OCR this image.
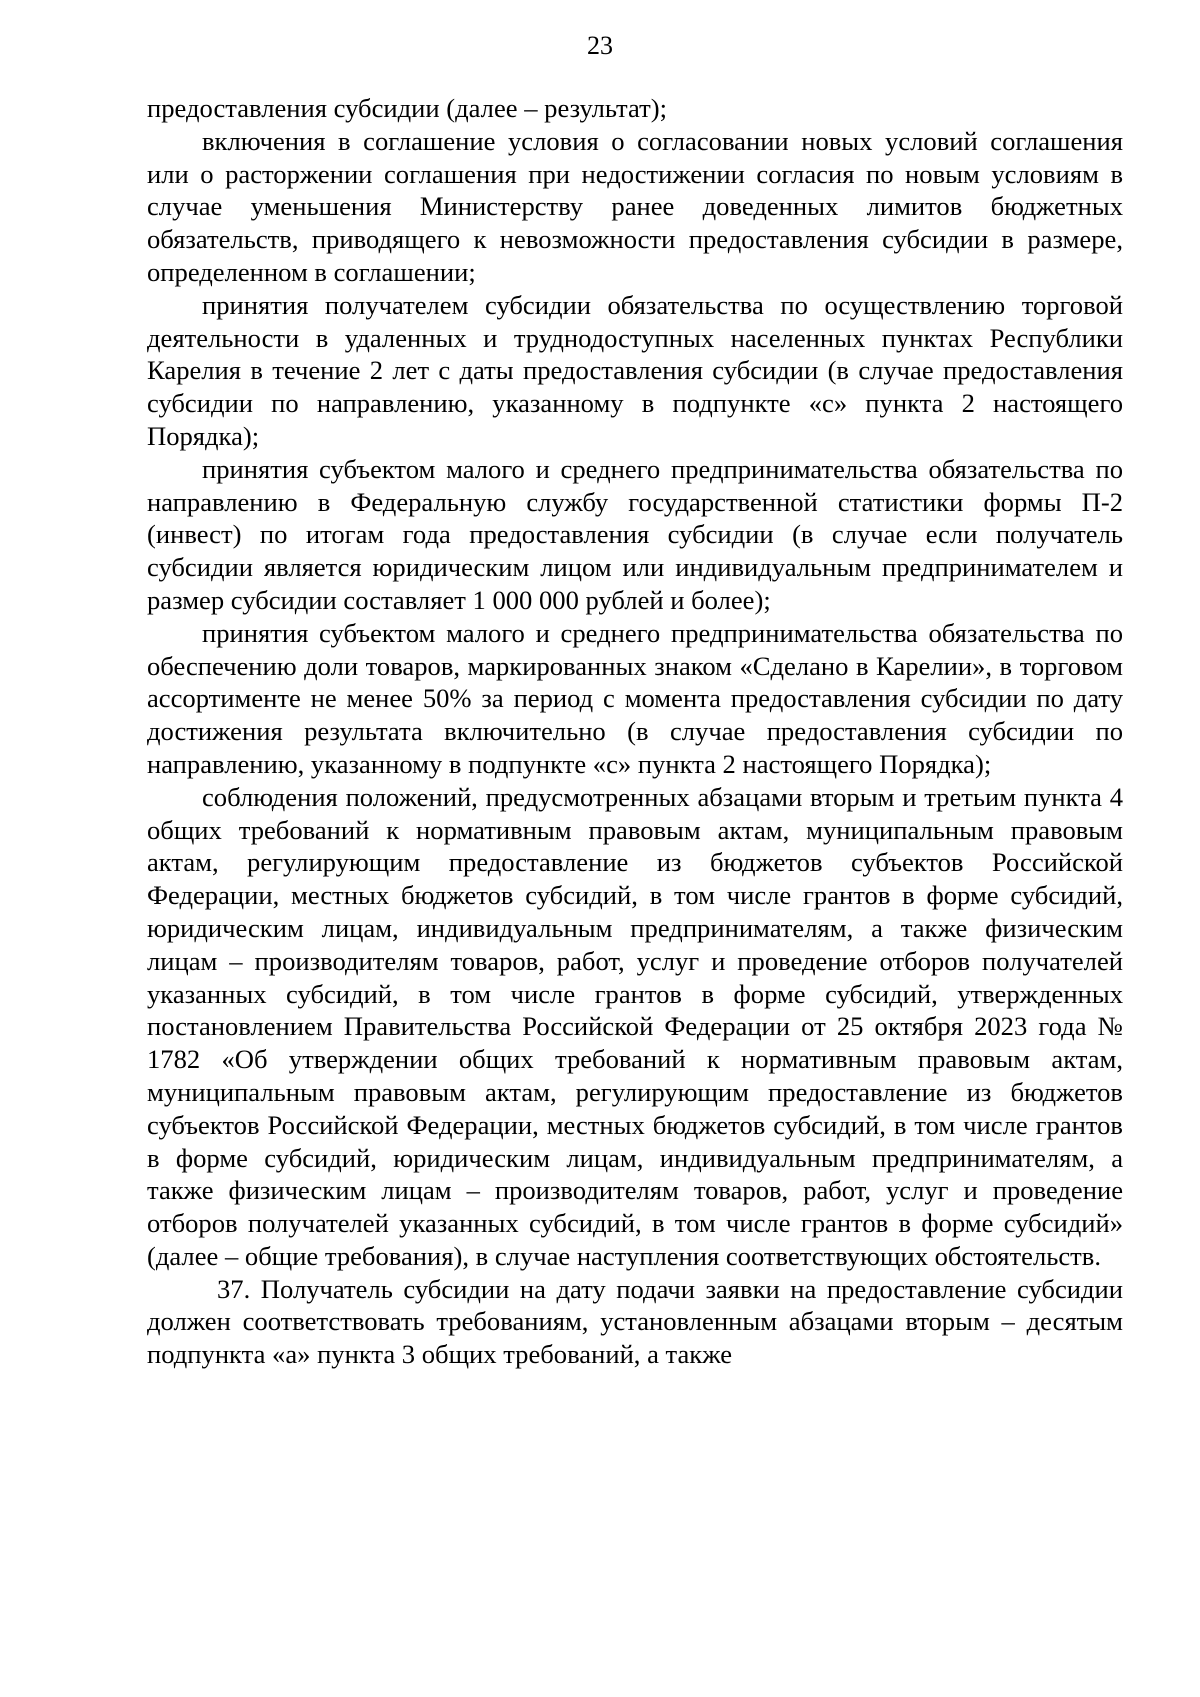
23

предоставления субсидии (далее – результат);

включения в соглашение условия о согласовании новых условий соглашения или о расторжении соглашения при недостижении согласия по новым условиям в случае уменьшения Министерству ранее доведенных лимитов бюджетных обязательств, приводящего к невозможности предоставления субсидии в размере, определенном в соглашении;

принятия получателем субсидии обязательства по осуществлению торговой деятельности в удаленных и труднодоступных населенных пунктах Республики Карелия в течение 2 лет с даты предоставления субсидии (в случае предоставления субсидии по направлению, указанному в подпункте «с» пункта 2 настоящего Порядка);

принятия субъектом малого и среднего предпринимательства обязательства по направлению в Федеральную службу государственной статистики формы П-2 (инвест) по итогам года предоставления субсидии (в случае если получатель субсидии является юридическим лицом или индивидуальным предпринимателем и размер субсидии составляет 1 000 000 рублей и более);

принятия субъектом малого и среднего предпринимательства обязательства по обеспечению доли товаров, маркированных знаком «Сделано в Карелии», в торговом ассортименте не менее 50% за период с момента предоставления субсидии по дату достижения результата включительно (в случае предоставления субсидии по направлению, указанному в подпункте «с» пункта 2 настоящего Порядка);

соблюдения положений, предусмотренных абзацами вторым и третьим пункта 4 общих требований к нормативным правовым актам, муниципальным правовым актам, регулирующим предоставление из бюджетов субъектов Российской Федерации, местных бюджетов субсидий, в том числе грантов в форме субсидий, юридическим лицам, индивидуальным предпринимателям, а также физическим лицам – производителям товаров, работ, услуг и проведение отборов получателей указанных субсидий, в том числе грантов в форме субсидий, утвержденных постановлением Правительства Российской Федерации от 25 октября 2023 года № 1782 «Об утверждении общих требований к нормативным правовым актам, муниципальным правовым актам, регулирующим предоставление из бюджетов субъектов Российской Федерации, местных бюджетов субсидий, в том числе грантов в форме субсидий, юридическим лицам, индивидуальным предпринимателям, а также физическим лицам – производителям товаров, работ, услуг и проведение отборов получателей указанных субсидий, в том числе грантов в форме субсидий» (далее – общие требования), в случае наступления соответствующих обстоятельств.

37. Получатель субсидии на дату подачи заявки на предоставление субсидии должен соответствовать требованиям, установленным абзацами вторым – десятым подпункта «а» пункта 3 общих требований, а также
